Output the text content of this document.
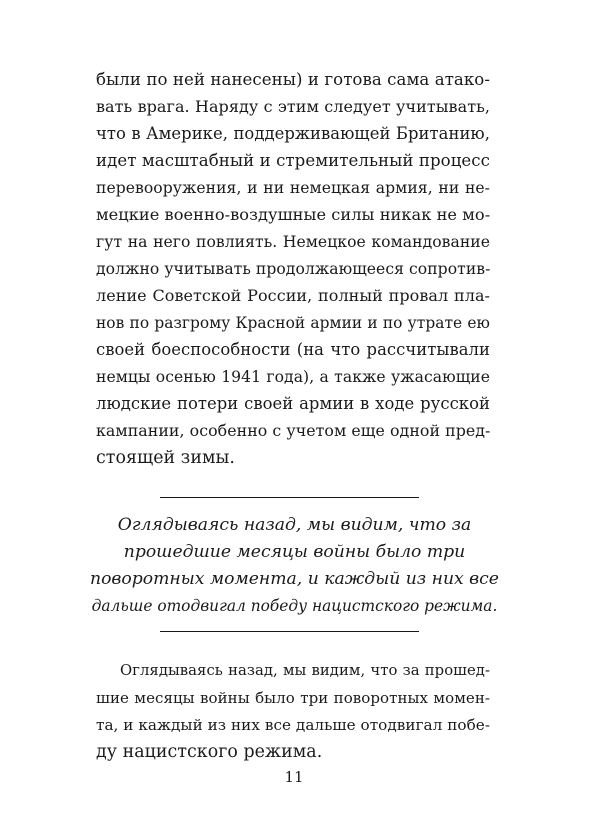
были по ней нанесены) и готова сама атако-
вать врага. Наряду с этим следует учитывать,
что в Америке, поддерживающей Британию,
идет масштабный и стремительный процесс
перевооружения, и ни немецкая армия, ни не-
мецкие военно-воздушные силы никак не мо-
гут на него повлиять. Немецкое командование
должно учитывать продолжающееся сопротив-
ление Советской России, полный провал пла-
нов по разгрому Красной армии и по утрате ею
своей боеспособности (на что рассчитывали
немцы осенью 1941 года), а также ужасающие
людские потери своей армии в ходе русской
кампании, особенно с учетом еще одной пред-
стоящей зимы.
Оглядываясь назад, мы видим, что за
прошедшие месяцы войны было три
поворотных момента, и каждый из них все
дальше отодвигал победу нацистского режима.
Оглядываясь назад, мы видим, что за прошед-
шие месяцы войны было три поворотных момен-
та, и каждый из них все дальше отодвигал побе-
ду нацистского режима.
11
